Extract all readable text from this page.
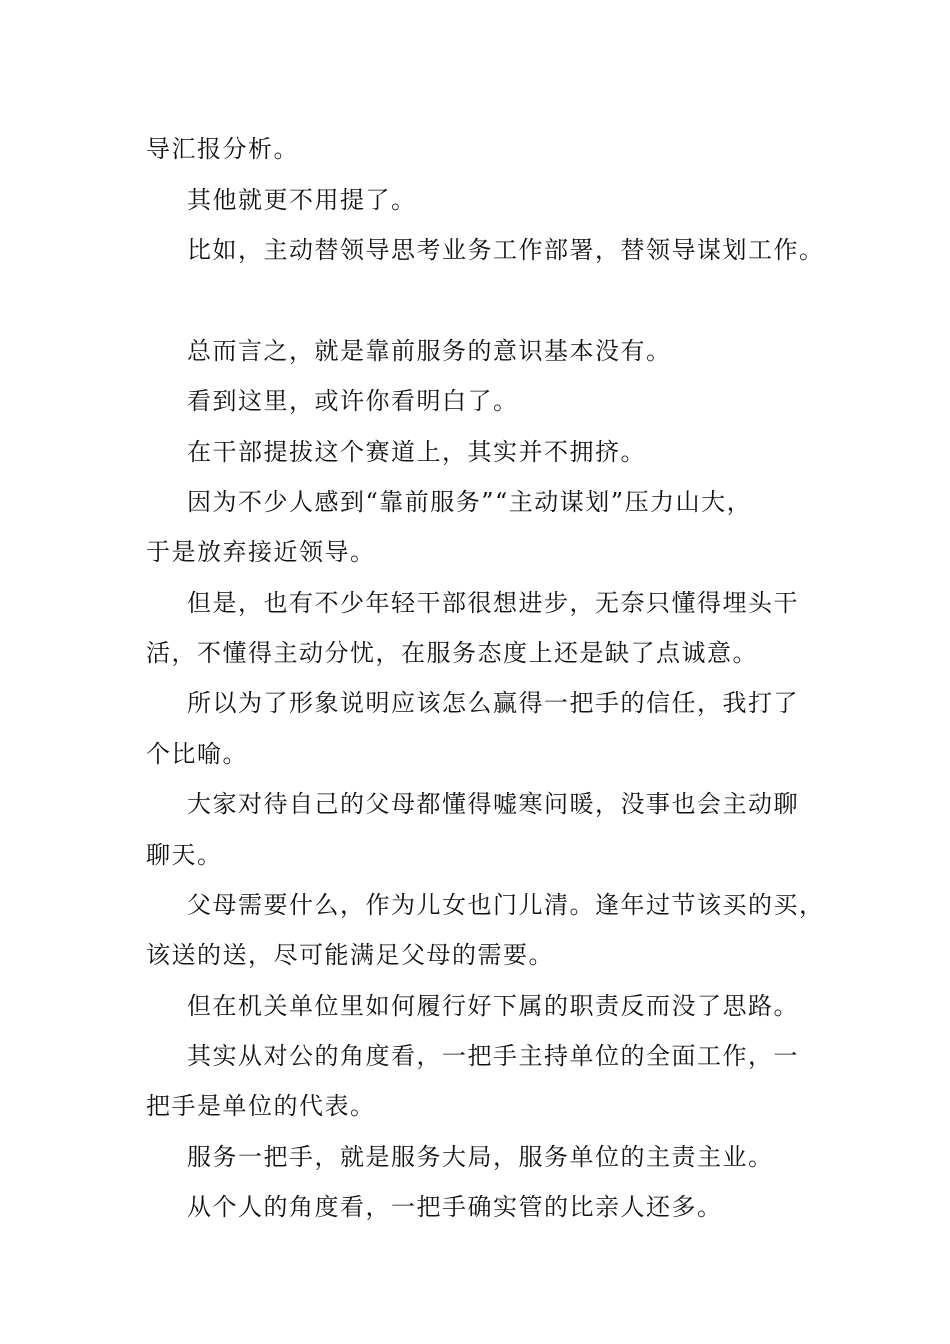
导汇报分析。

其他就更不用提了。

比如，主动替领导思考业务工作部署，替领导谋划工作。

总而言之，就是靠前服务的意识基本没有。

看到这里，或许你看明白了。

在干部提拔这个赛道上，其实并不拥挤。

因为不少人感到“靠前服务”“主动谋划”压力山大，

于是放弃接近领导。

但是，也有不少年轻干部很想进步，无奈只懂得埋头干

活，不懂得主动分忧，在服务态度上还是缺了点诚意。

所以为了形象说明应该怎么赢得一把手的信任，我打了

个比喻。

大家对待自己的父母都懂得嘘寒问暖，没事也会主动聊

聊天。

父母需要什么，作为儿女也门儿清。逢年过节该买的买，

该送的送，尽可能满足父母的需要。

但在机关单位里如何履行好下属的职责反而没了思路。

其实从对公的角度看，一把手主持单位的全面工作，一

把手是单位的代表。

服务一把手，就是服务大局，服务单位的主责主业。

从个人的角度看，一把手确实管的比亲人还多。
